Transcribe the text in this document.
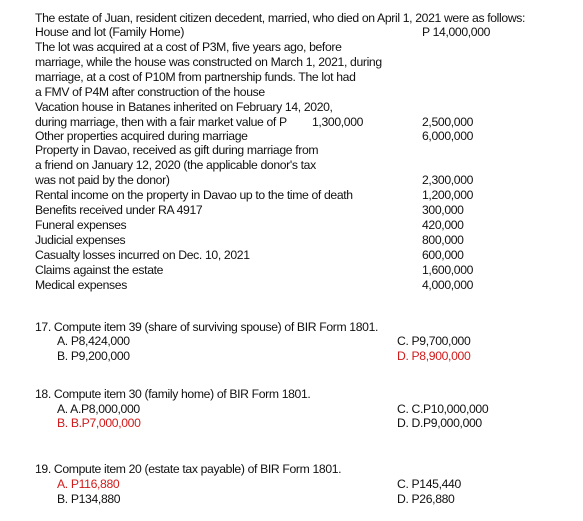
The estate of Juan, resident citizen decedent, married, who died on April 1, 2021 were as follows:
House and lot (Family Home)	P 14,000,000
The lot was acquired at a cost of P3M, five years ago, before
marriage, while the house was constructed on March 1, 2021, during
marriage, at a cost of P10M from partnership funds. The lot had
a FMV of P4M after construction of the house
Vacation house in Batanes inherited on February 14, 2020,
during marriage, then with a fair market value of P 1,300,000	2,500,000
Other properties acquired during marriage	6,000,000
Property in Davao, received as gift during marriage from
a friend on January 12, 2020 (the applicable donor's tax
was not paid by the donor)	2,300,000
Rental income on the property in Davao up to the time of death	1,200,000
Benefits received under RA 4917	300,000
Funeral expenses	420,000
Judicial expenses	800,000
Casualty losses incurred on Dec. 10, 2021	600,000
Claims against the estate	1,600,000
Medical expenses	4,000,000
17. Compute item 39 (share of surviving spouse) of BIR Form 1801.
A. P8,424,000
B. P9,200,000
C. P9,700,000
D. P8,900,000
18. Compute item 30 (family home) of BIR Form 1801.
A. A.P8,000,000
B. B.P7,000,000
C. C.P10,000,000
D. D.P9,000,000
19. Compute item 20 (estate tax payable) of BIR Form 1801.
A. P116,880
B. P134,880
C. P145,440
D. P26,880
